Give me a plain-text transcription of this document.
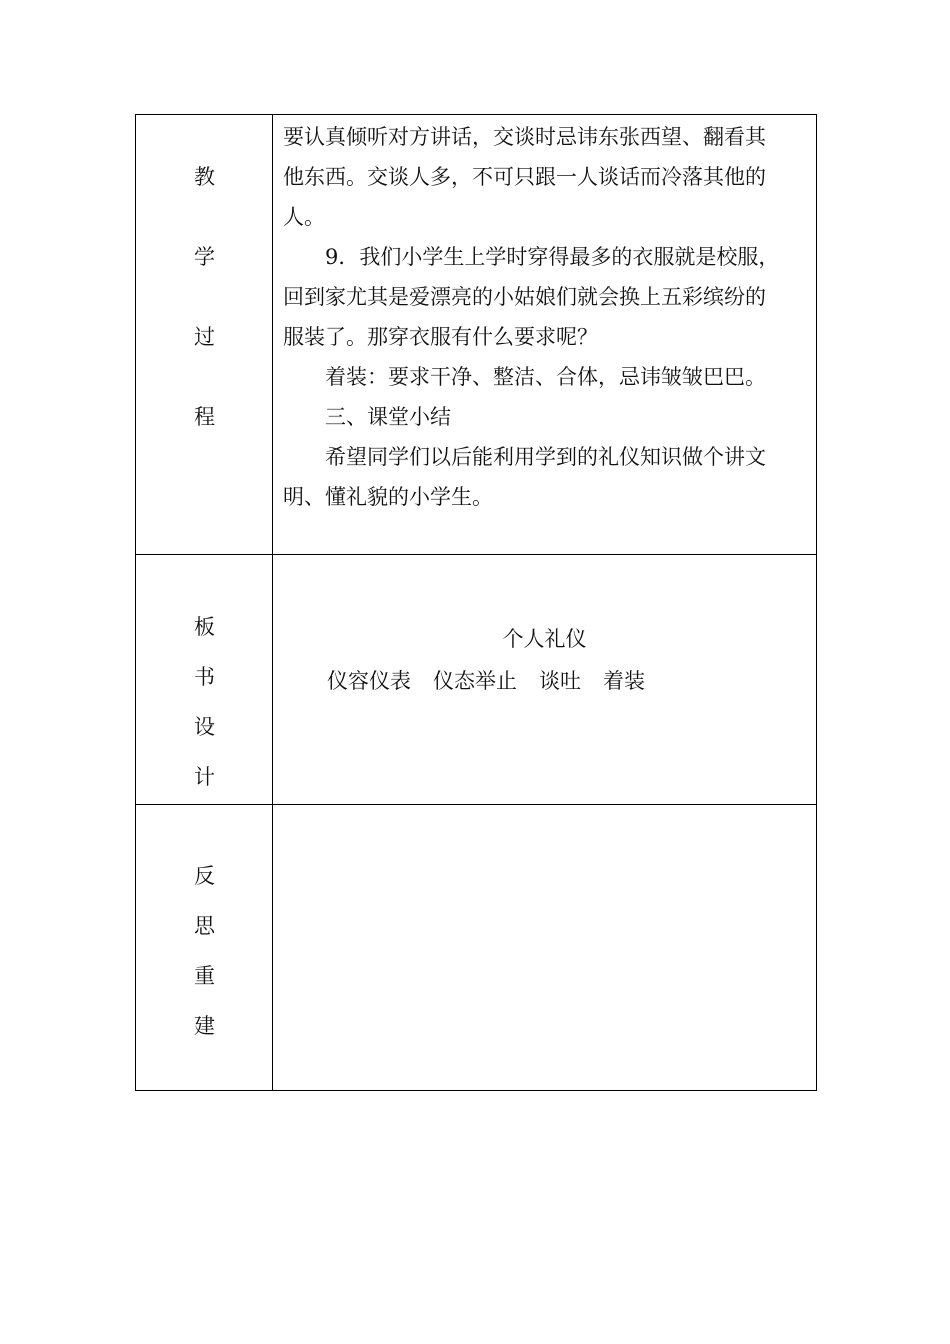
教
学
过
程
要认真倾听对方讲话，交谈时忌讳东张西望、翻看其
他东西。交谈人多，不可只跟一人谈话而冷落其他的
人。
　　9．我们小学生上学时穿得最多的衣服就是校服，
回到家尤其是爱漂亮的小姑娘们就会换上五彩缤纷的
服装了。那穿衣服有什么要求呢？
　　着装：要求干净、整洁、合体，忌讳皱皱巴巴。
　　三、课堂小结
　　希望同学们以后能利用学到的礼仪知识做个讲文
明、懂礼貌的小学生。
板
书
设
计
个人礼仪
仪容仪表 仪态举止 谈吐 着装
反
思
重
建
